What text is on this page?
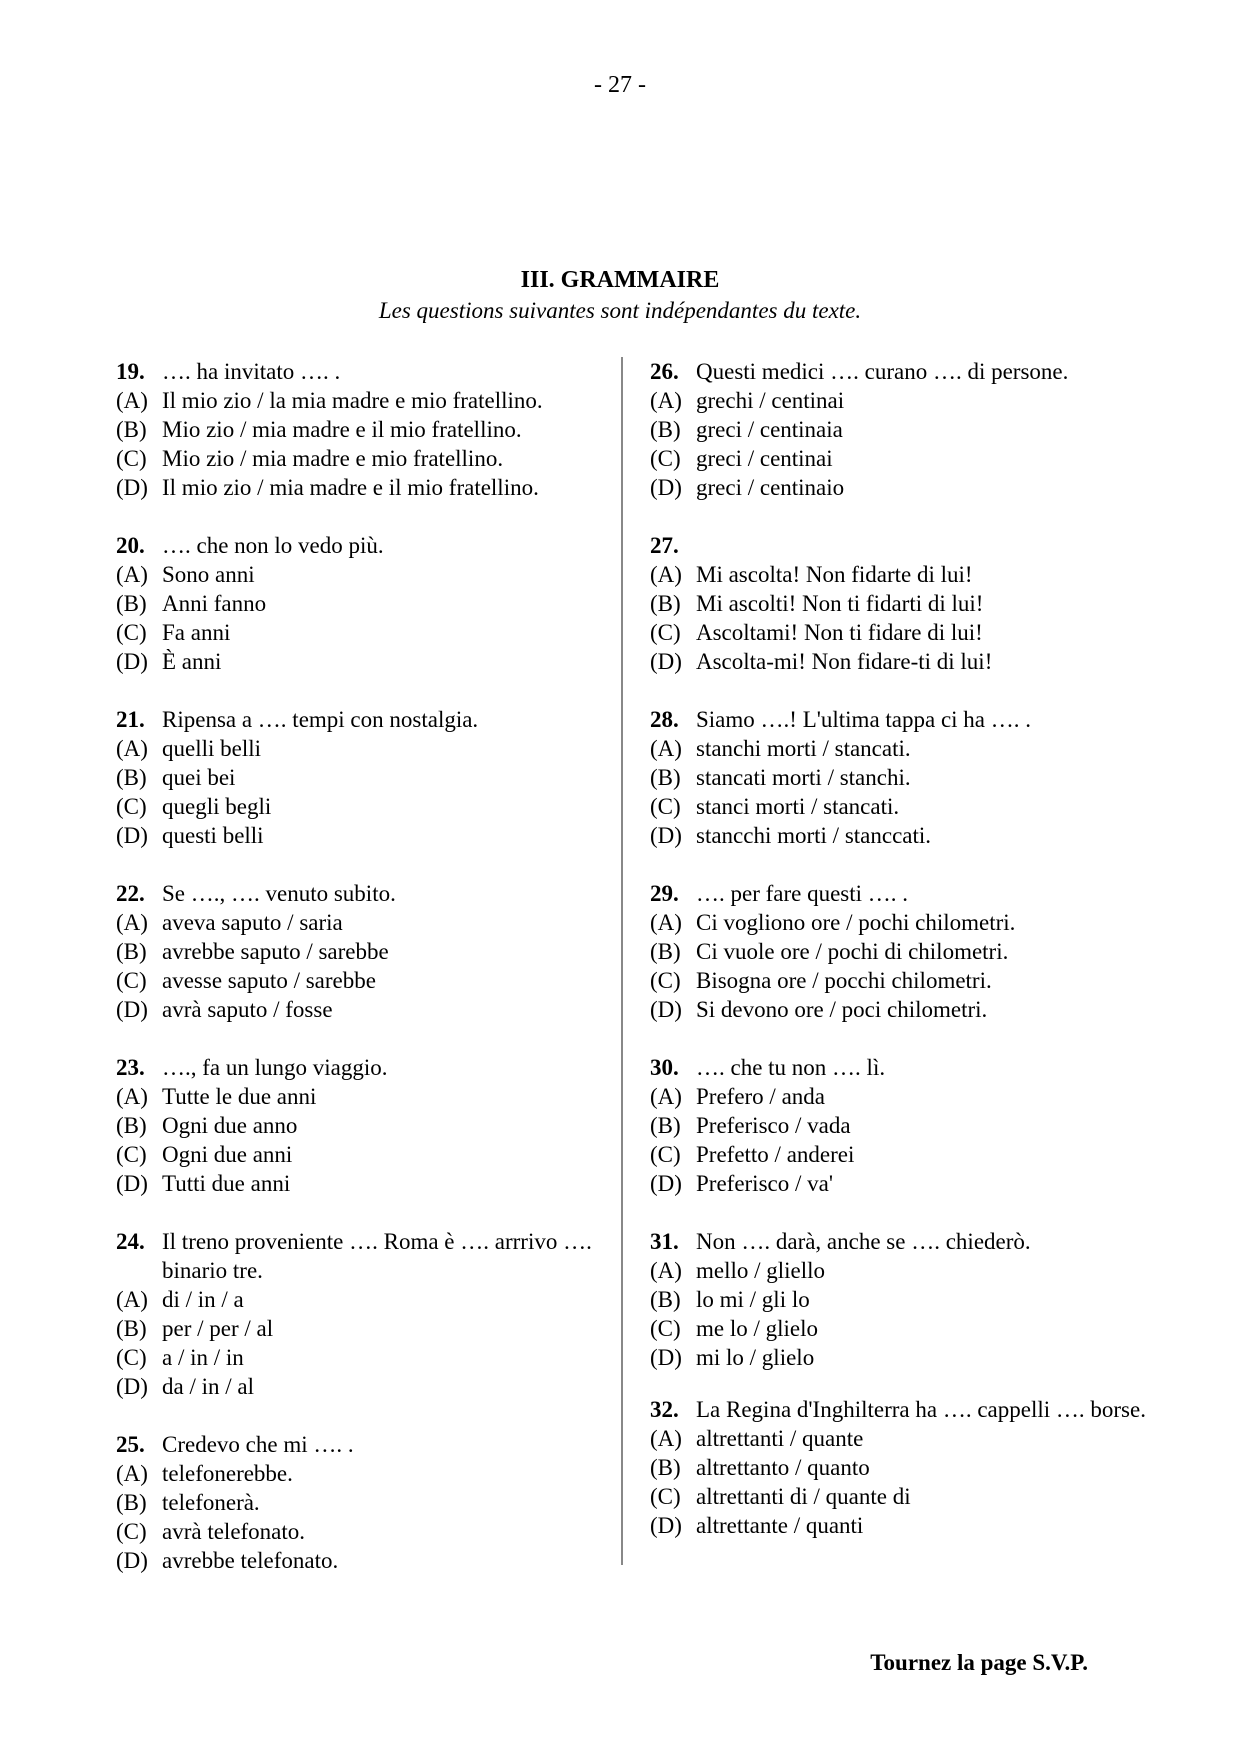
- 27 -
III. GRAMMAIRE
Les questions suivantes sont indépendantes du texte.
19. …. ha invitato …. .
(A) Il mio zio / la mia madre e mio fratellino.
(B) Mio zio / mia madre e il mio fratellino.
(C) Mio zio / mia madre e mio fratellino.
(D) Il mio zio / mia madre e il mio fratellino.
20. …. che non lo vedo più.
(A) Sono anni
(B) Anni fanno
(C) Fa anni
(D) È anni
21. Ripensa a …. tempi con nostalgia.
(A) quelli belli
(B) quei bei
(C) quegli begli
(D) questi belli
22. Se …., …. venuto subito.
(A) aveva saputo / saria
(B) avrebbe saputo / sarebbe
(C) avesse saputo / sarebbe
(D) avrà saputo / fosse
23. …., fa un lungo viaggio.
(A) Tutte le due anni
(B) Ogni due anno
(C) Ogni due anni
(D) Tutti due anni
24. Il treno proveniente …. Roma è …. arrrivo …. binario tre.
(A) di / in / a
(B) per / per / al
(C) a / in / in
(D) da / in / al
25. Credevo che mi …. .
(A) telefonerebbe.
(B) telefonerà.
(C) avrà telefonato.
(D) avrebbe telefonato.
26. Questi medici …. curano …. di persone.
(A) grechi / centinai
(B) greci / centinaia
(C) greci / centinai
(D) greci / centinaio
27.

(A) Mi ascolta! Non fidarte di lui!
(B) Mi ascolti! Non ti fidarti di lui!
(C) Ascoltami! Non ti fidare di lui!
(D) Ascolta-mi! Non fidare-ti di lui!
28. Siamo ….! L'ultima tappa ci ha …. .
(A) stanchi morti / stancati.
(B) stancati morti / stanchi.
(C) stanci morti / stancati.
(D) stancchi morti / stanccati.
29. …. per fare questi …. .
(A) Ci vogliono ore / pochi chilometri.
(B) Ci vuole ore / pochi di chilometri.
(C) Bisogna ore / pocchi chilometri.
(D) Si devono ore / poci chilometri.
30. …. che tu non …. lì.
(A) Prefero / anda
(B) Preferisco / vada
(C) Prefetto / anderei
(D) Preferisco / va'
31. Non …. darà, anche se …. chiederò.
(A) mello / gliello
(B) lo mi / gli lo
(C) me lo / glielo
(D) mi lo / glielo
32. La Regina d'Inghilterra ha …. cappelli …. borse.
(A) altrettanti / quante
(B) altrettanto / quanto
(C) altrettanti di / quante di
(D) altrettante / quanti
Tournez la page S.V.P.
